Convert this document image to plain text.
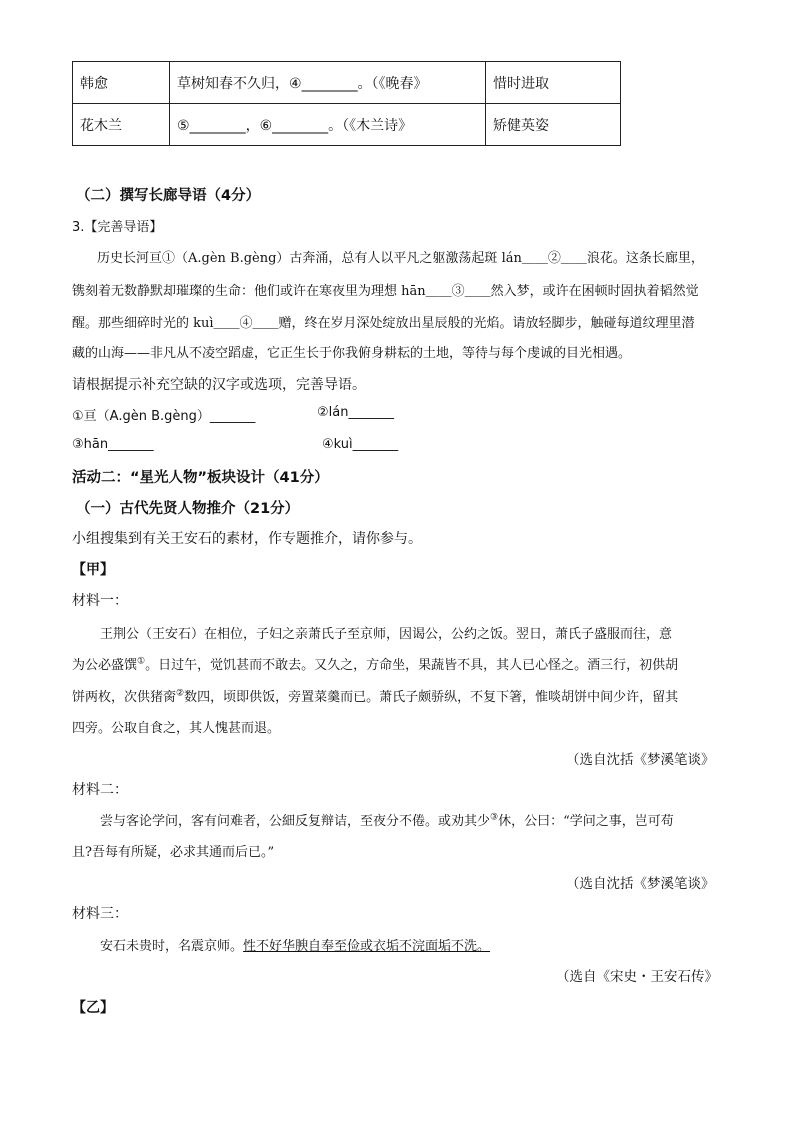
韩愈	草树知春不久归，④________。（《晚春》	惜时进取
花木兰	⑤________，⑥________。（《木兰诗》	矫健英姿
（二）撰写长廊导语（4分）
3.【完善导语】
历史长河亘①（A.gèn B.gèng）古奔涌，总有人以平凡之躯激荡起斑 lán＿＿②＿＿浪花。这条长廊里，
镌刻着无数静默却璀璨的生命：他们或许在寒夜里为理想 hān＿＿③＿＿然入梦，或许在困顿时固执着韬然觉
醒。那些细碎时光的 kuì＿＿④＿＿赠，终在岁月深处绽放出星辰般的光焰。请放轻脚步，触碰每道纹理里潜
藏的山海——非凡从不凌空蹈虚，它正生长于你我俯身耕耘的土地，等待与每个虔诚的目光相遇。
请根据提示补充空缺的汉字或选项，完善导语。
①亘（A.gèn B.gèng）_______	②lán_______
③hān_______	④kuì_______
活动二：“星光人物”板块设计（41分）
（一）古代先贤人物推介（21分）
小组搜集到有关王安石的素材，作专题推介，请你参与。
【甲】
材料一：
王荆公（王安石）在相位，子妇之亲萧氏子至京师，因谒公，公约之饭。翌日，萧氏子盛服而往，意
为公必盛馔①。日过午，觉饥甚而不敢去。又久之，方命坐，果蔬皆不具，其人已心怪之。酒三行，初供胡
饼两枚，次供猪脔②数四，顷即供饭，旁置菜羹而已。萧氏子颇骄纵，不复下箸，惟啖胡饼中间少许，留其
四旁。公取自食之，其人愧甚而退。
（选自沈括《梦溪笔谈》
材料二：
尝与客论学问，客有问难者，公細反复辩诘，至夜分不倦。或劝其少③休，公曰：“学问之事，岂可苟
且?吾每有所疑，必求其通而后已。”
（选自沈括《梦溪笔谈》
材料三：
安石未贵时，名震京师。性不好华腴自奉至俭或衣垢不浣面垢不洗。
（选自《宋史・王安石传》
【乙】
